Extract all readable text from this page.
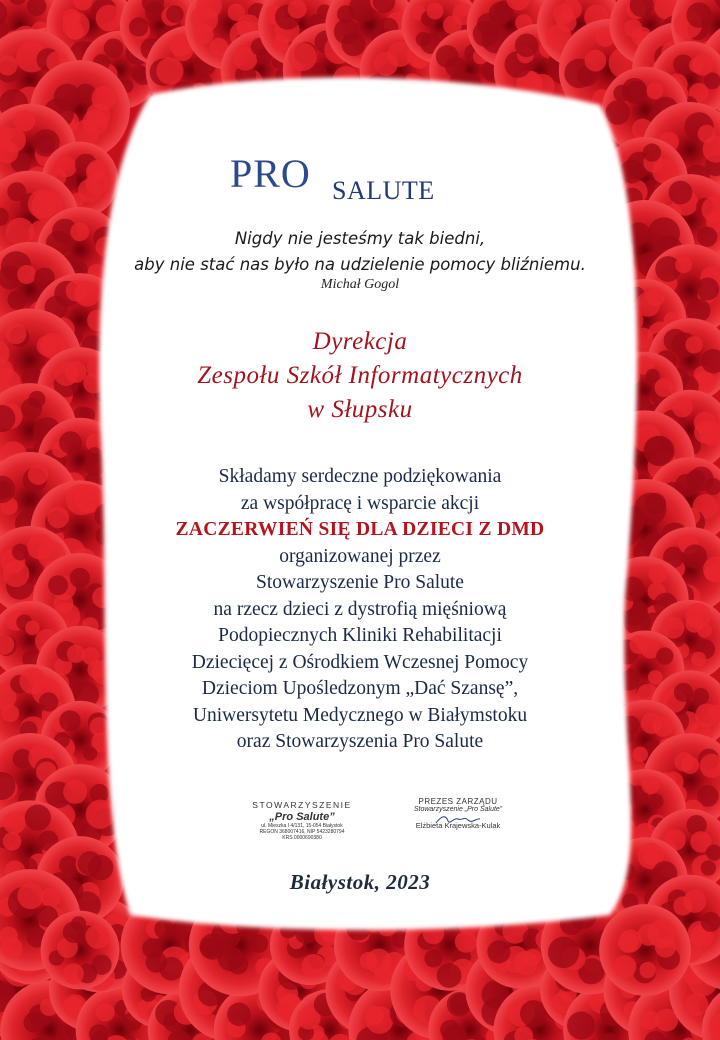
PRO SALUTE
Nigdy nie jesteśmy tak biedni,
aby nie stać nas było na udzielenie pomocy bliźniemu.
Michał Gogol
Dyrekcja
Zespołu Szkół Informatycznych
w Słupsku
Składamy serdeczne podziękowania
za współpracę i wsparcie akcji
ZACZERWIEŃ SIĘ DLA DZIECI Z DMD
organizowanej przez
Stowarzyszenie Pro Salute
na rzecz dzieci z dystrofią mięśniową
Podopiecznych Kliniki Rehabilitacji
Dziecięcej z Ośrodkiem Wczesnej Pomocy
Dzieciom Upośledzonym „Dać Szansę”,
Uniwersytetu Medycznego w Białymstoku
oraz Stowarzyszenia Pro Salute
STOWARZYSZENIE
„Pro Salute”
ul. Mieszka I 4/131, 15-054 Białystok
REGON 368007416, NIP 5423280794
KRS 0000690380
PREZES ZARZĄDU
Stowarzyszenie „Pro Salute”
Elżbieta Krajewska-Kulak
Białystok, 2023
